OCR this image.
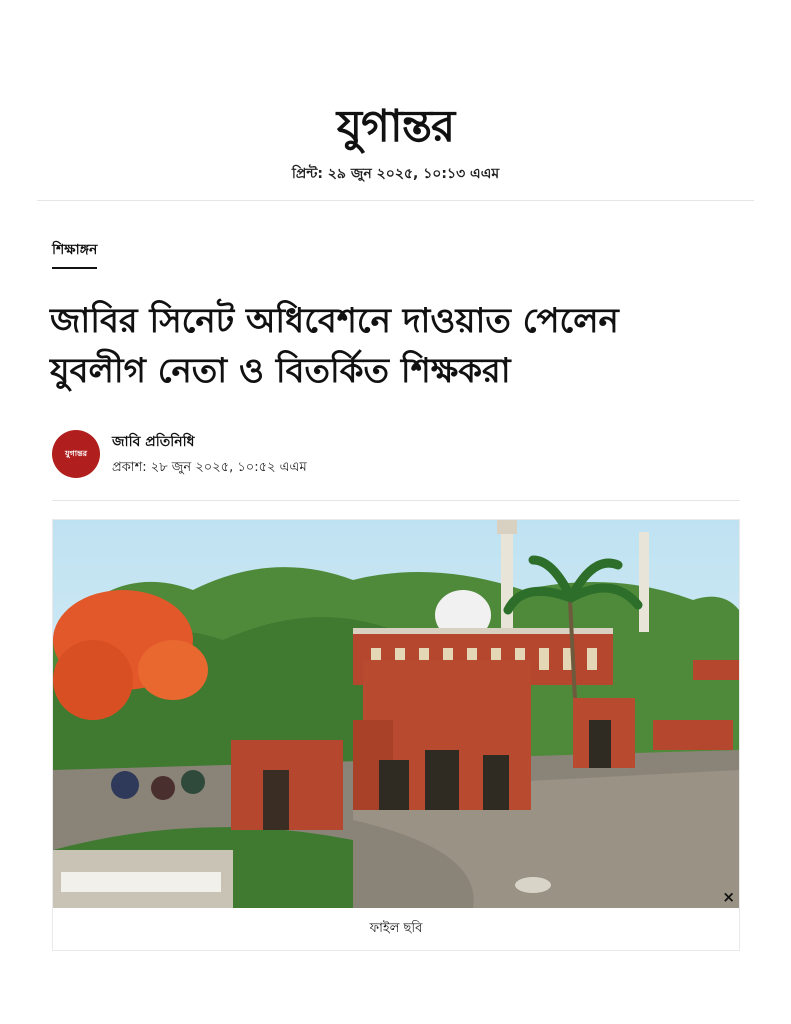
যুগান্তর
প্রিন্ট: ২৯ জুন ২০২৫, ১০:১৩ এএম
শিক্ষাঙ্গন
জাবির সিনেট অধিবেশনে দাওয়াত পেলেন
যুবলীগ নেতা ও বিতর্কিত শিক্ষকরা
যুগান্তর
জাবি প্রতিনিধি
প্রকাশ: ২৮ জুন ২০২৫, ১০:৫২ এএম
×
ফাইল ছবি
